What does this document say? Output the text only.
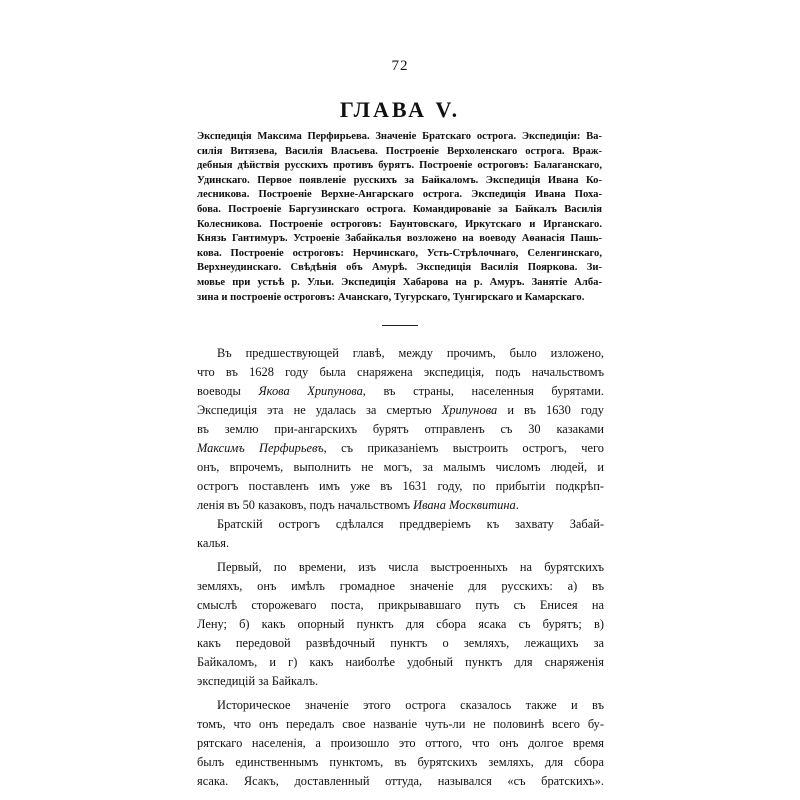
72
ГЛАВА V.
Экспедиція Максима Перфирьева. Значеніе Братскаго острога. Экспедиціи: Ва-
силія Витязева, Василія Власьева. Построеніе Верхоленскаго острога. Враж-
дебныя дѣйствія русскихъ противъ бурятъ. Построеніе остроговъ: Балаганскаго,
Удинскаго. Первое появленіе русскихъ за Байкаломъ. Экспедиція Ивана Ко-
лесникова. Построеніе Верхне-Ангарскаго острога. Экспедиція Ивана Поха-
бова. Построеніе Баргузинскаго острога. Командированіе за Байкалъ Василія
Колесникова. Построеніе остроговъ: Баунтовскаго, Иркутскаго и Ирганскаго.
Князь Гантимуръ. Устроеніе Забайкалья возложено на воеводу Аѳанасія Пашь-
кова. Построеніе остроговъ: Нерчинскаго, Усть-Стрѣлочнаго, Селенгинскаго,
Верхнеудинскаго. Свѣдѣнія объ Амурѣ. Экспедиція Василія Пояркова. Зи-
мовье при устьѣ р. Ульи. Экспедиція Хабарова на р. Амуръ. Занятіе Алба-
зина и построеніе остроговъ: Ачанскаго, Тугурскаго, Тунгирскаго и Камарскаго.
Въ предшествующей главѣ, между прочимъ, было изложено,
что въ 1628 году была снаряжена экспедиція, подъ начальствомъ
воеводы Якова Хрипунова, въ страны, населенныя бурятами.
Экспедиція эта не удалась за смертью Хрипунова и въ 1630 году
въ землю при-ангарскихъ бурятъ отправленъ съ 30 казаками
Максимъ Перфирьевъ, съ приказаніемъ выстроить острогъ, чего
онъ, впрочемъ, выполнить не могъ, за малымъ числомъ людей, и
острогъ поставленъ имъ уже въ 1631 году, по прибытіи подкрѣп-
ленія въ 50 казаковъ, подъ начальствомъ Ивана Москвитина.
Братскій острогъ сдѣлался преддверіемъ къ захвату Забай-
калья.
Первый, по времени, изъ числа выстроенныхъ на бурятскихъ
земляхъ, онъ имѣлъ громадное значеніе для русскихъ: а) въ
смыслѣ сторожеваго поста, прикрывавшаго путь съ Енисея на
Лену; б) какъ опорный пунктъ для сбора ясака съ бурятъ; в)
какъ передовой развѣдочный пунктъ о земляхъ, лежащихъ за
Байкаломъ, и г) какъ наиболѣе удобный пунктъ для снаряженія
экспедицій за Байкалъ.
Историческое значеніе этого острога сказалось также и въ
томъ, что онъ передалъ свое названіе чуть-ли не половинѣ всего бу-
рятскаго населенія, а произошло это оттого, что онъ долгое время
былъ единственнымъ пунктомъ, въ бурятскихъ земляхъ, для сбора
ясака. Ясакъ, доставленный оттуда, назывался «съ братскихъ».
